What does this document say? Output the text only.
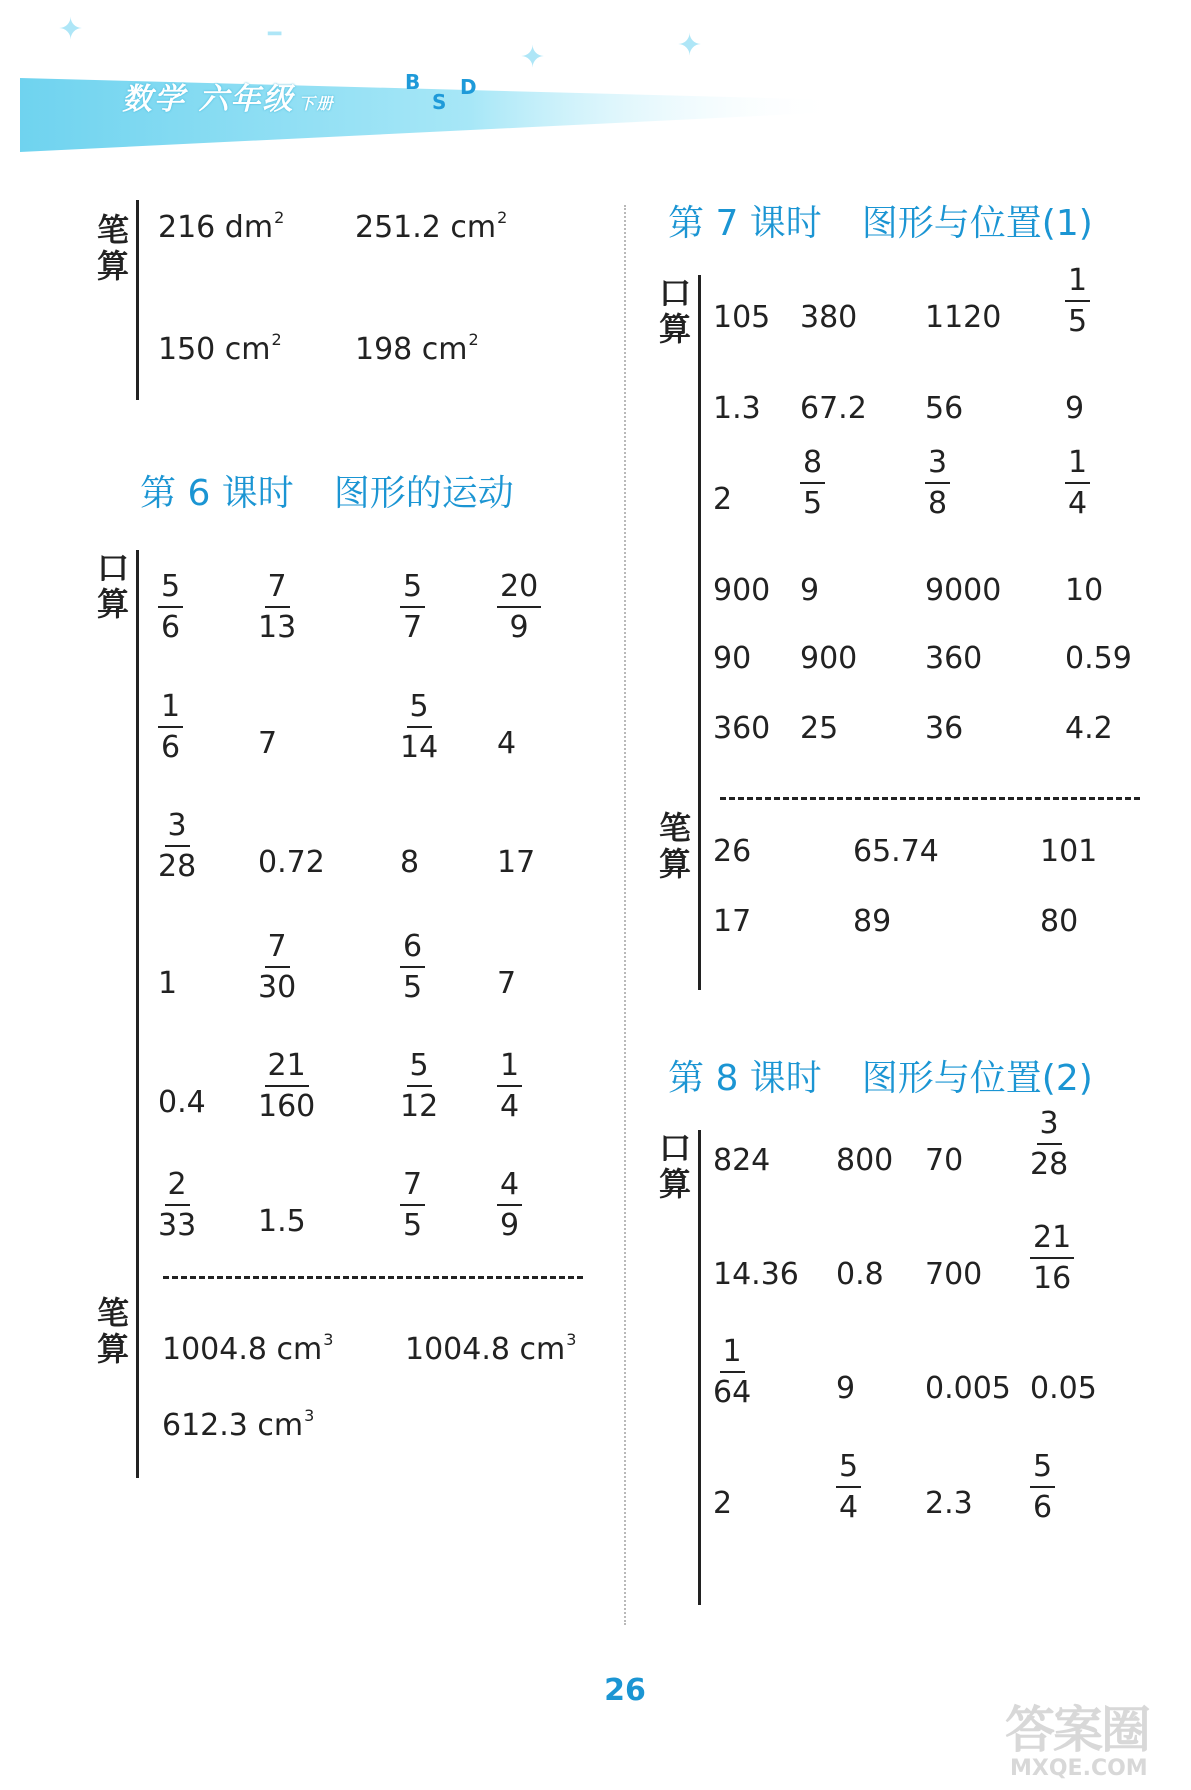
✦	━
✦	✦
数学 六年级 下册
B
S
D
笔算
216 $dm^2$ 251.2 $cm^2$
150 $cm^2$ 198 $cm^2$
第 6 课时 图形的运动
口算 $\frac{5}{6} \frac{7}{13}$	$\frac{5}{7} \frac{20}{9}$
$\frac{1}{6} 7$	$\frac{5}{14} 4$
$\frac{3}{28} 0.72$	8	17
1	$\frac{7}{30}$	$\frac{6}{5} 7$
$0.4 \frac{21}{160}$	$\frac{5}{12} \frac{1}{4}$
$\frac{2}{33} 1.5$	$\frac{7}{5} \frac{4}{9}$
笔算 1004.8 $cm^3$ 1004.8 $cm^3$
612.3 $cm^3$
第 7 课时 图形与位置(1)
口算 105 380 $1120 \frac{1}{5}$
1.3 67.2 56	9
$2 \frac{8}{5}$	$\frac{3}{8}$	$\frac{1}{4}$
900 9	9000 10
90 900 360	0.59
360 25	36	4.2
笔算 26	65.74	101
17	89	80
第 8 课时 图形与位置(2)
口算
824 800 $70 \frac{3}{28}$
14.36 0.8 $700 \frac{21}{16}$
$\frac{1}{64}$	9 0.005 0.05
2	$\frac{5}{4} 2.3 \frac{5}{6}$
26
答案圈
MXQE.COM
